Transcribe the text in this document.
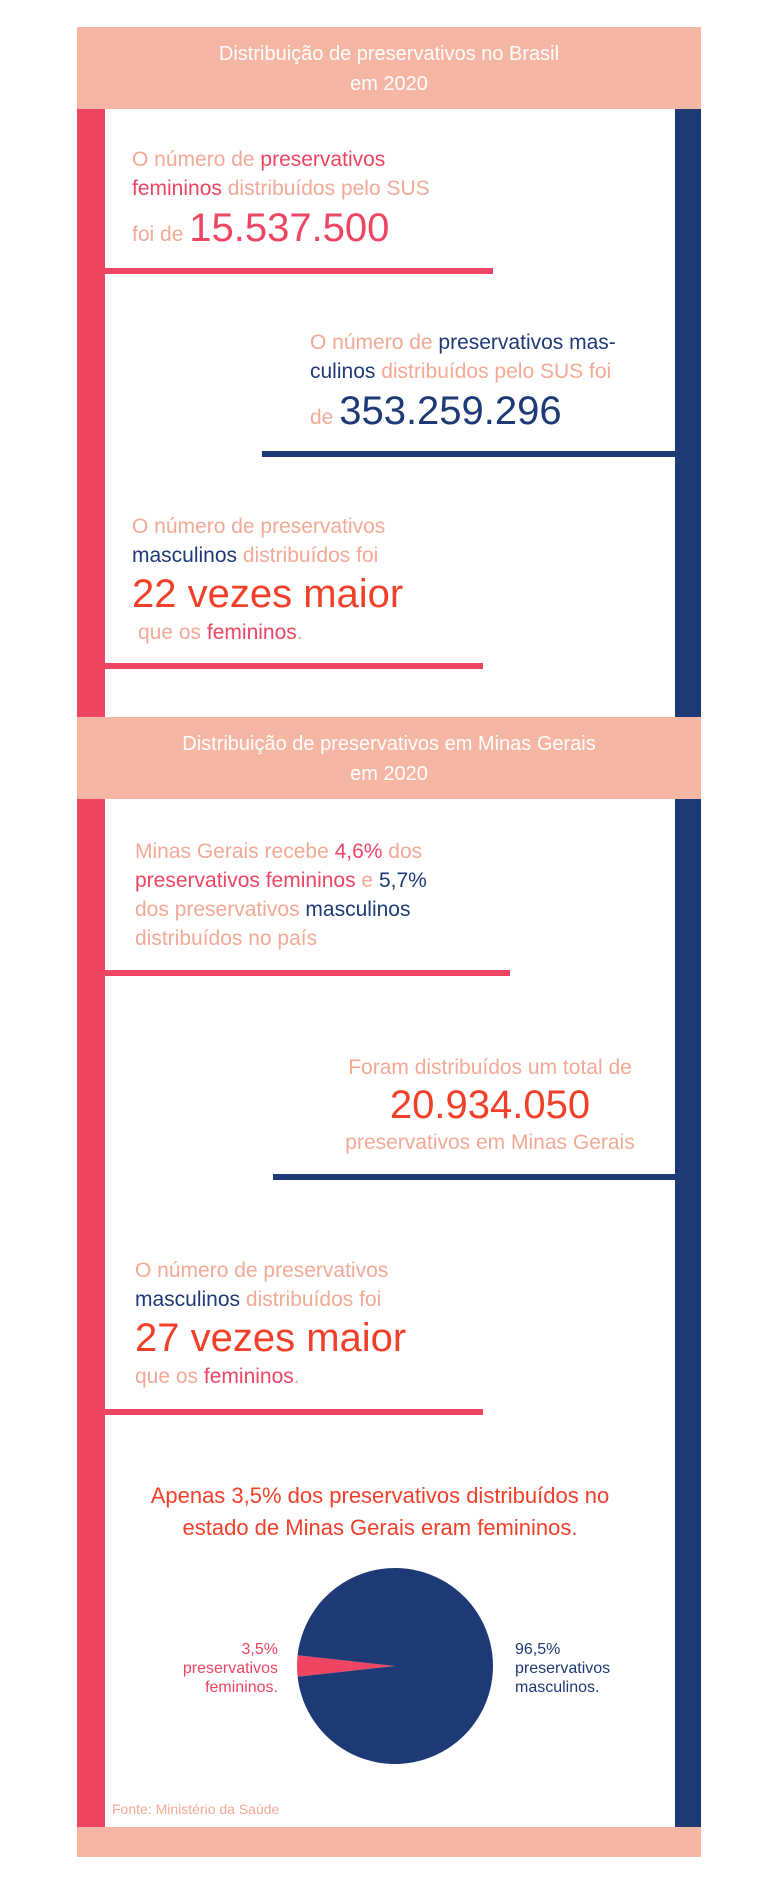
Distribuição de preservativos no Brasil
em 2020
O número de preservativos
femininos distribuídos pelo SUS
foi de 15.537.500
O número de preservativos mas-
culinos distribuídos pelo SUS foi
de 353.259.296
O número de preservativos
masculinos distribuídos foi
22 vezes maior
que os femininos.
Distribuição de preservativos em Minas Gerais
em 2020
Minas Gerais recebe 4,6% dos
preservativos femininos e 5,7%
dos preservativos masculinos
distribuídos no país
Foram distribuídos um total de
20.934.050
preservativos em Minas Gerais
O número de preservativos
masculinos distribuídos foi
27 vezes maior
que os femininos.
Apenas 3,5% dos preservativos distribuídos no
estado de Minas Gerais eram femininos.
3,5%
preservativos
femininos.
96,5%
preservativos
masculinos.
Fonte: Ministério da Saúde
